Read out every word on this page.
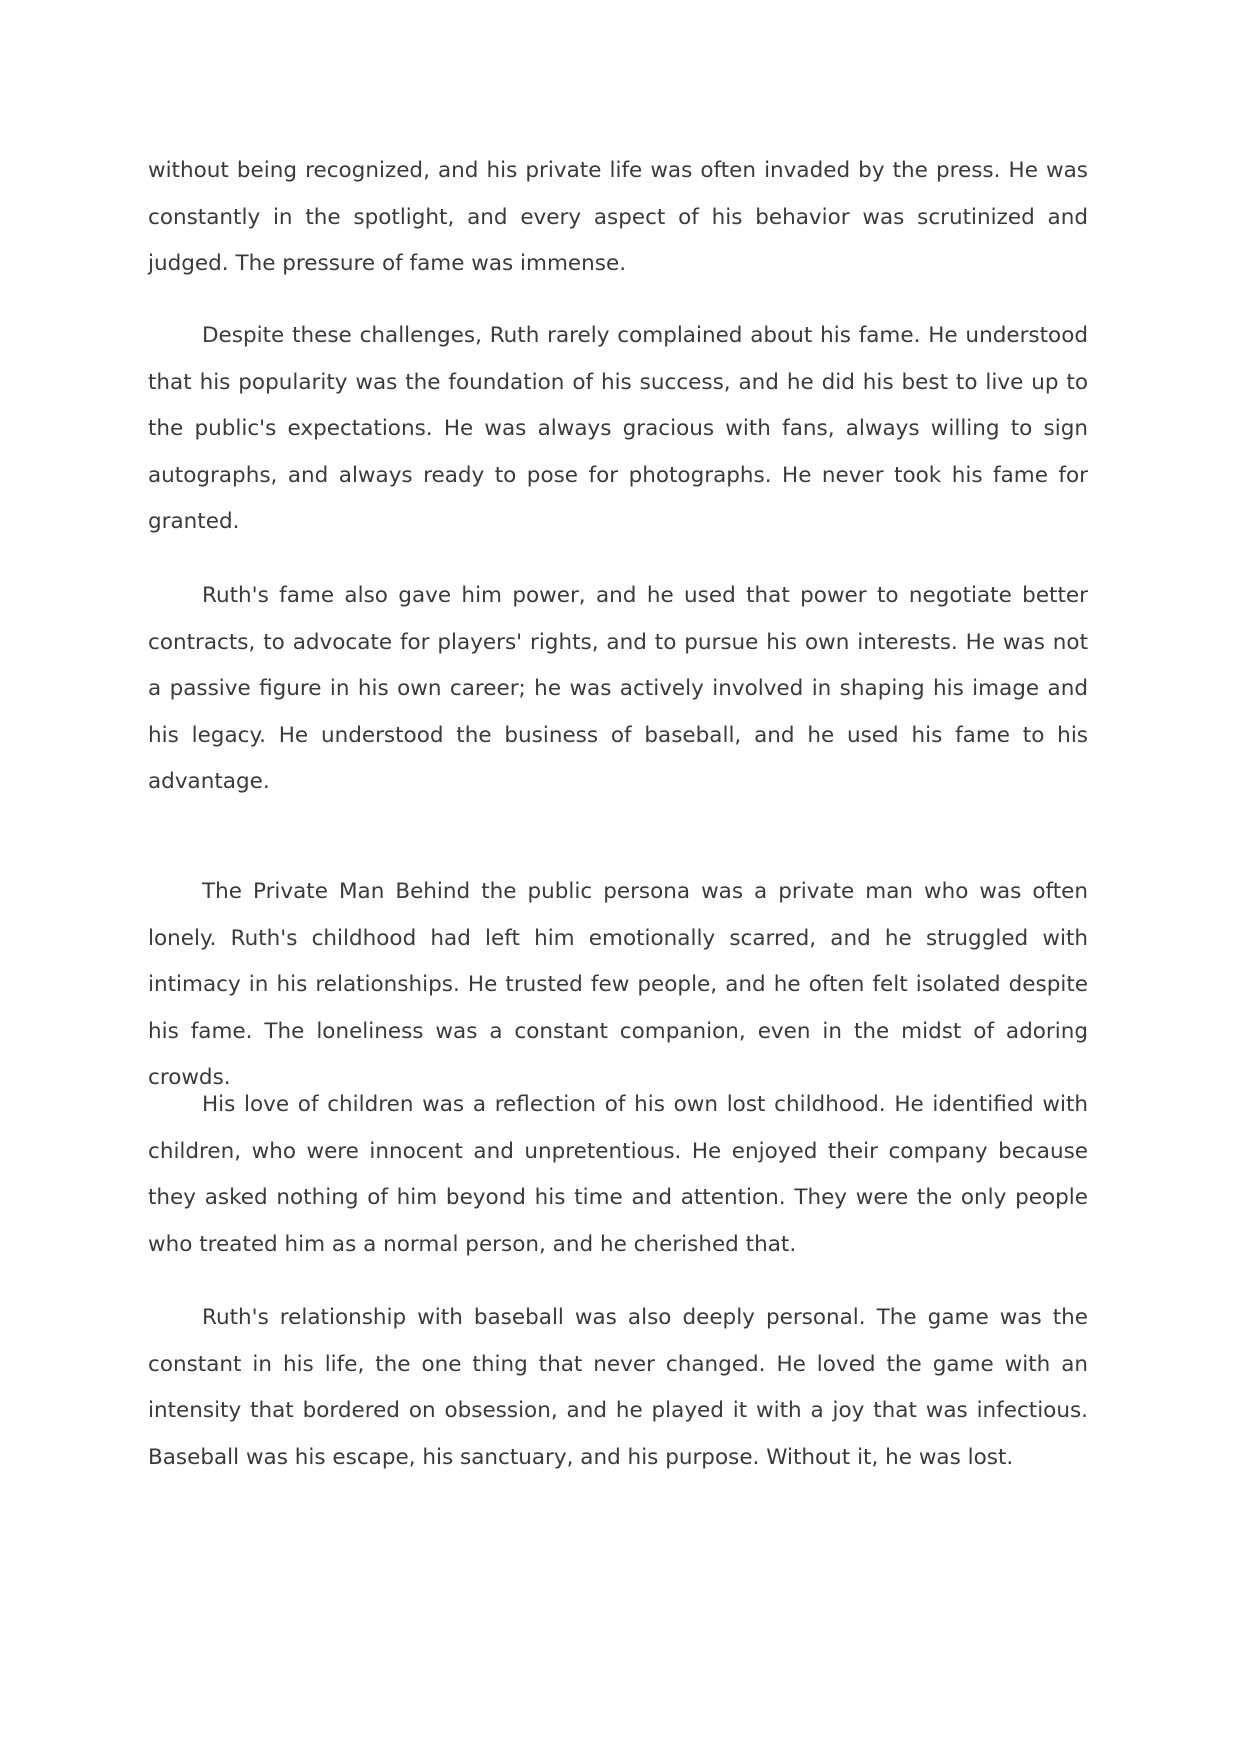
without being recognized, and his private life was often invaded by the press. He was constantly in the spotlight, and every aspect of his behavior was scrutinized and judged. The pressure of fame was immense.

Despite these challenges, Ruth rarely complained about his fame. He understood that his popularity was the foundation of his success, and he did his best to live up to the public's expectations. He was always gracious with fans, always willing to sign autographs, and always ready to pose for photographs. He never took his fame for granted.

Ruth's fame also gave him power, and he used that power to negotiate better contracts, to advocate for players' rights, and to pursue his own interests. He was not a passive figure in his own career; he was actively involved in shaping his image and his legacy. He understood the business of baseball, and he used his fame to his advantage.

The Private Man Behind the public persona was a private man who was often lonely. Ruth's childhood had left him emotionally scarred, and he struggled with intimacy in his relationships. He trusted few people, and he often felt isolated despite his fame. The loneliness was a constant companion, even in the midst of adoring crowds.

His love of children was a reflection of his own lost childhood. He identified with children, who were innocent and unpretentious. He enjoyed their company because they asked nothing of him beyond his time and attention. They were the only people who treated him as a normal person, and he cherished that.

Ruth's relationship with baseball was also deeply personal. The game was the constant in his life, the one thing that never changed. He loved the game with an intensity that bordered on obsession, and he played it with a joy that was infectious. Baseball was his escape, his sanctuary, and his purpose. Without it, he was lost.
